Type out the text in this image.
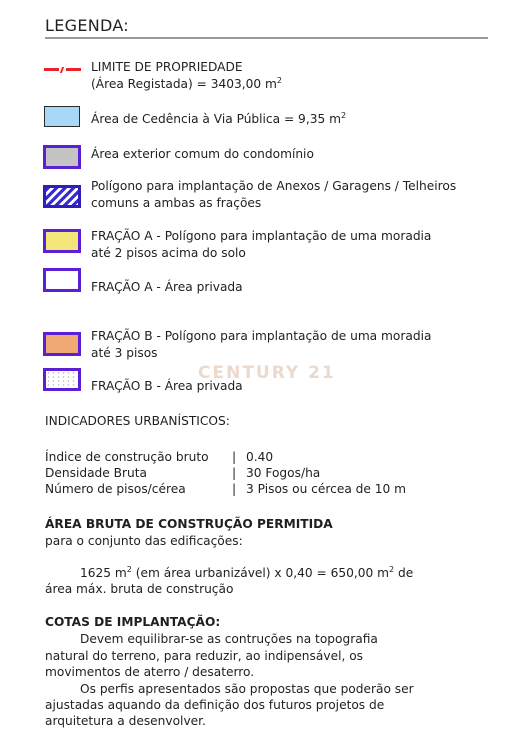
LEGENDA:
LIMITE DE PROPRIEDADE
(Área Registada) = 3403,00 $m^2$
Área de Cedência à Via Pública = 9,35 $m^2$
Área exterior comum do condomínio
Polígono para implantação de Anexos / Garagens / Telheiros
comuns a ambas as frações
FRAÇÃO A - Polígono para implantação de uma moradia
até 2 pisos acima do solo
FRAÇÃO A - Área privada
FRAÇÃO B - Polígono para implantação de uma moradia
até 3 pisos
FRAÇÃO B - Área privada
CENTURY 21
INDICADORES URBANÍSTICOS:
Índice de construção bruto | 0.40
Densidade Bruta	| 30 Fogos/ha
Número de pisos/cérea	| 3 Pisos ou cércea de 10 m
ÁREA BRUTA DE CONSTRUÇÃO PERMITIDA
para o conjunto das edificações:
1625 $m^2$ (em área urbanizável) x 0,40 = 650,00 $m^2$ de
área máx. bruta de construção
COTAS DE IMPLANTAÇÃO:
Devem equilibrar-se as contruções na topografia
natural do terreno, para reduzir, ao indipensável, os
movimentos de aterro / desaterro.
Os perfis apresentados são propostas que poderão ser
ajustadas aquando da definição dos futuros projetos de
arquitetura a desenvolver.
